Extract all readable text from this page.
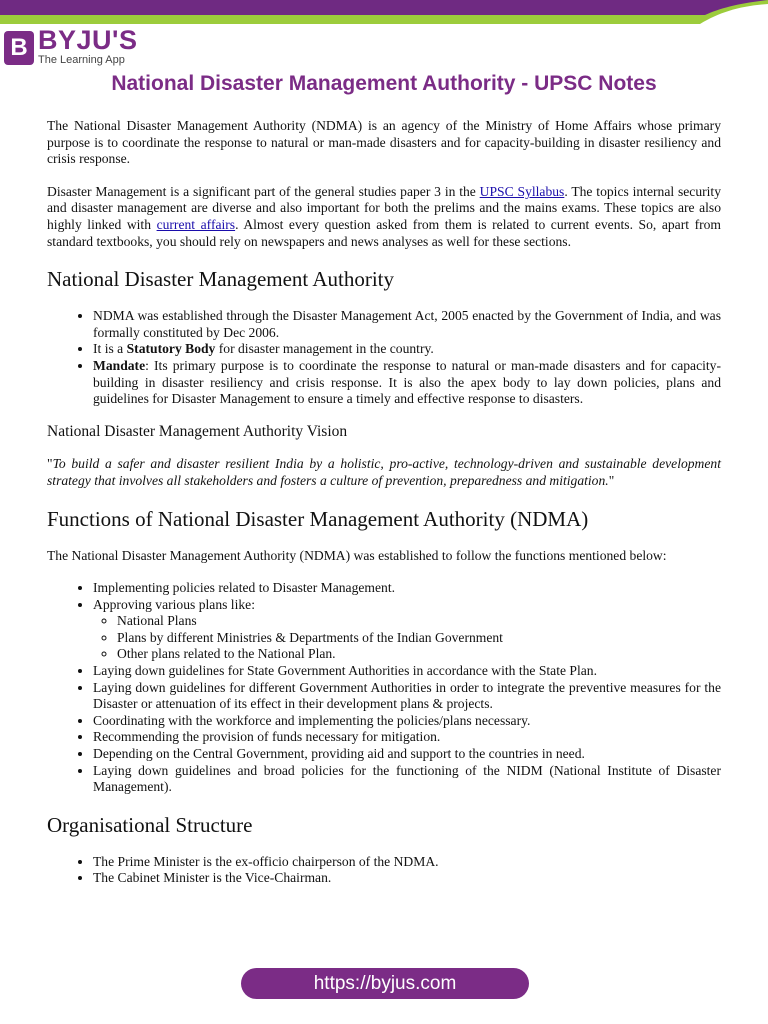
B BYJU'S
The Learning App
National Disaster Management Authority - UPSC Notes

The National Disaster Management Authority (NDMA) is an agency of the Ministry of Home Affairs whose primary purpose is to coordinate the response to natural or man-made disasters and for capacity-building in disaster resiliency and crisis response.

Disaster Management is a significant part of the general studies paper 3 in the UPSC Syllabus. The topics internal security and disaster management are diverse and also important for both the prelims and the mains exams. These topics are also highly linked with current affairs. Almost every question asked from them is related to current events. So, apart from standard textbooks, you should rely on newspapers and news analyses as well for these sections.

National Disaster Management Authority
• NDMA was established through the Disaster Management Act, 2005 enacted by the Government of India, and was formally constituted by Dec 2006.
• It is a Statutory Body for disaster management in the country.
• Mandate: Its primary purpose is to coordinate the response to natural or man-made disasters and for capacity-building in disaster resiliency and crisis response. It is also the apex body to lay down policies, plans and guidelines for Disaster Management to ensure a timely and effective response to disasters.
National Disaster Management Authority Vision

"To build a safer and disaster resilient India by a holistic, pro-active, technology-driven and sustainable development strategy that involves all stakeholders and fosters a culture of prevention, preparedness and mitigation."

Functions of National Disaster Management Authority (NDMA)

The National Disaster Management Authority (NDMA) was established to follow the functions mentioned below:

• Implementing policies related to Disaster Management.
• Approving various plans like:
◦ National Plans
◦ Plans by different Ministries & Departments of the Indian Government
◦ Other plans related to the National Plan.
• Laying down guidelines for State Government Authorities in accordance with the State Plan.
• Laying down guidelines for different Government Authorities in order to integrate the preventive measures for the Disaster or attenuation of its effect in their development plans & projects.
• Coordinating with the workforce and implementing the policies/plans necessary.
• Recommending the provision of funds necessary for mitigation.
• Depending on the Central Government, providing aid and support to the countries in need.
• Laying down guidelines and broad policies for the functioning of the NIDM (National Institute of Disaster Management).
Organisational Structure
• The Prime Minister is the ex-officio chairperson of the NDMA.
• The Cabinet Minister is the Vice-Chairman.
https://byjus.com
